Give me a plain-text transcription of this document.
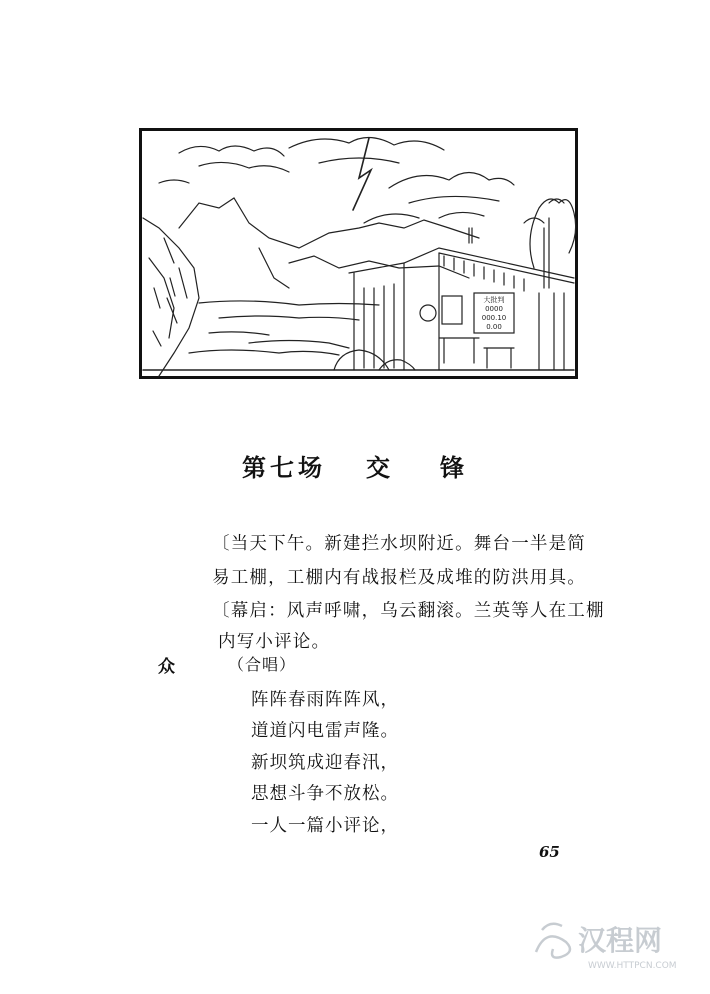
大批判
0000
000.10
0.00
第七场 交 锋
〔当天下午。新建拦水坝附近。舞台一半是简
易工棚，工棚内有战报栏及成堆的防洪用具。
〔幕启：风声呼啸，乌云翻滚。兰英等人在工棚
内写小评论。
众	（合唱）
阵阵春雨阵阵风，
道道闪电雷声隆。
新坝筑成迎春汛，
思想斗争不放松。
一人一篇小评论，
65
汉程网
WWW.HTTPCN.COM
